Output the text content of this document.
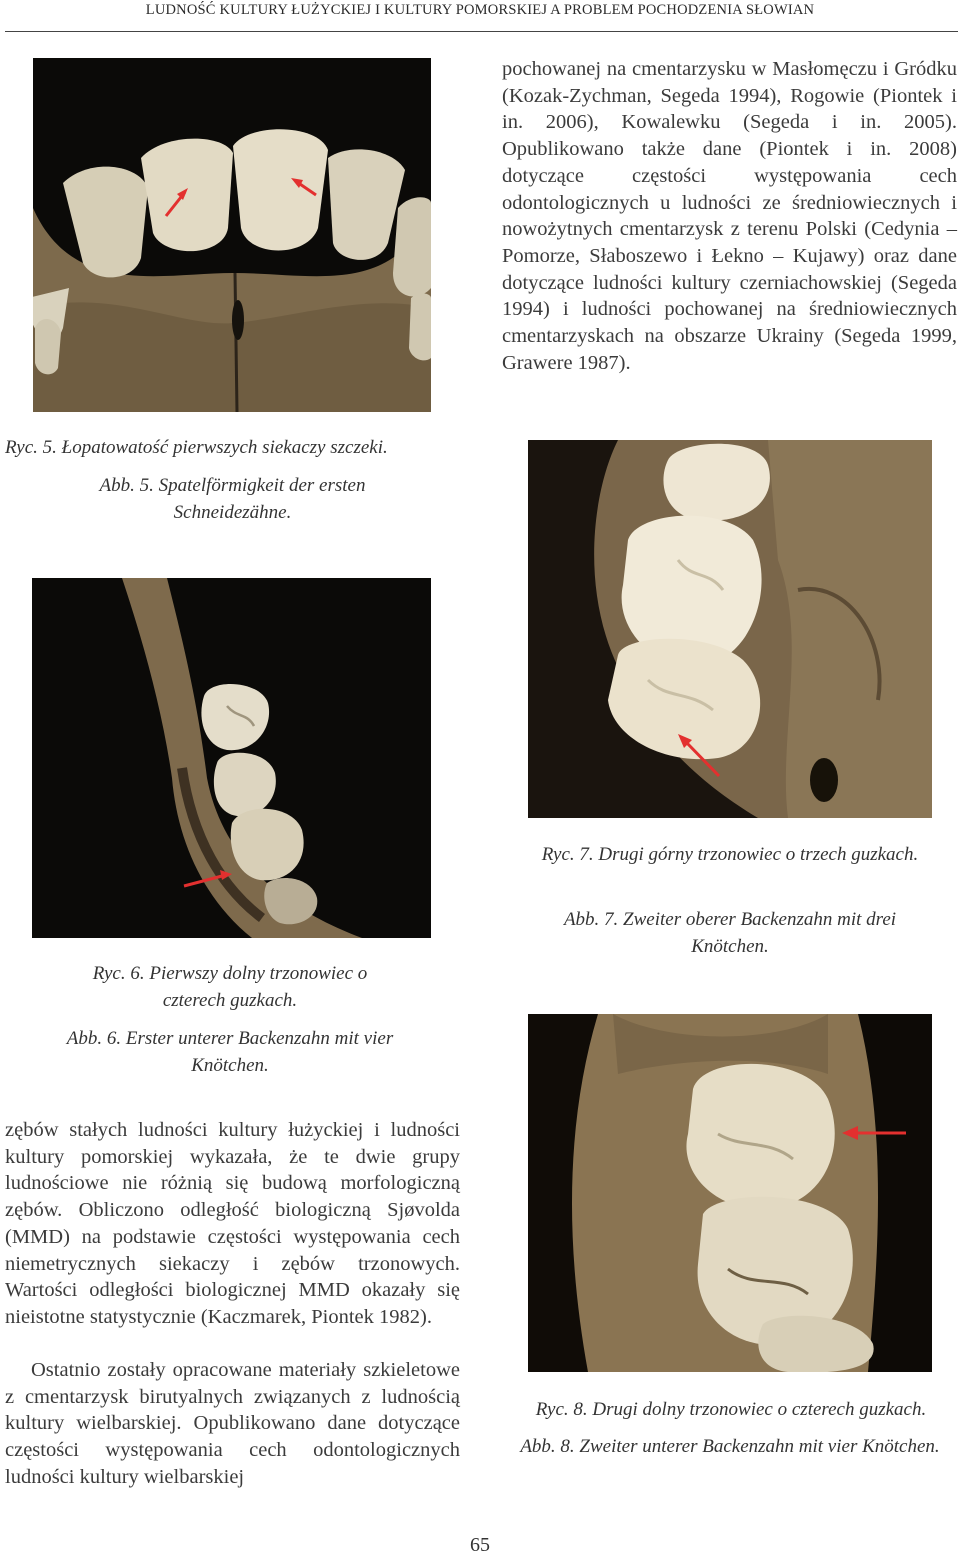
LUDNOŚĆ KULTURY ŁUŻYCKIEJ I KULTURY POMORSKIEJ A PROBLEM POCHODZENIA SŁOWIAN

pochowanej na cmentarzysku w Masłomęczu i Gródku (Kozak-Zychman, Segeda 1994), Rogowie (Piontek i in. 2006), Kowalewku (Segeda i in. 2005). Opublikowano także dane (Piontek i in. 2008) dotyczące częstości występowania cech odontologicznych u ludności ze średniowiecznych i nowożytnych cmentarzysk z terenu Polski (Cedynia – Pomorze, Słaboszewo i Łekno – Kujawy) oraz dane dotyczące ludności kultury czerniachowskiej (Segeda 1994) i ludności pochowanej na średniowiecznych cmentarzyskach na obszarze Ukrainy (Segeda 1999, Grawere 1987).

Ryc. 5. Łopatowatość pierwszych siekaczy szczeki.

Abb. 5. Spatelförmigkeit der ersten Schneidezähne.

Ryc. 7. Drugi górny trzonowiec o trzech guzkach.

Abb. 7. Zweiter oberer Backenzahn mit drei Knötchen.

Ryc. 6. Pierwszy dolny trzonowiec o czterech guzkach.

Abb. 6. Erster unterer Backenzahn mit vier Knötchen.

zębów stałych ludności kultury łużyckiej i ludności kultury pomorskiej wykazała, że te dwie grupy ludnościowe nie różnią się budową morfologiczną zębów. Obliczono odległość biologiczną Sjøvolda (MMD) na podstawie częstości występowania cech niemetrycznych siekaczy i zębów trzonowych. Wartości odległości biologicznej MMD okazały się nieistotne statystycznie (Kaczmarek, Piontek 1982).

Ostatnio zostały opracowane materiały szkieletowe z cmentarzysk birutyalnych związanych z ludnością kultury wielbarskiej. Opublikowano dane dotyczące częstości występowania cech odontologicznych ludności kultury wielbarskiej

Ryc. 8. Drugi dolny trzonowiec o czterech guzkach.

Abb. 8. Zweiter unterer Backenzahn mit vier Knötchen.

65
